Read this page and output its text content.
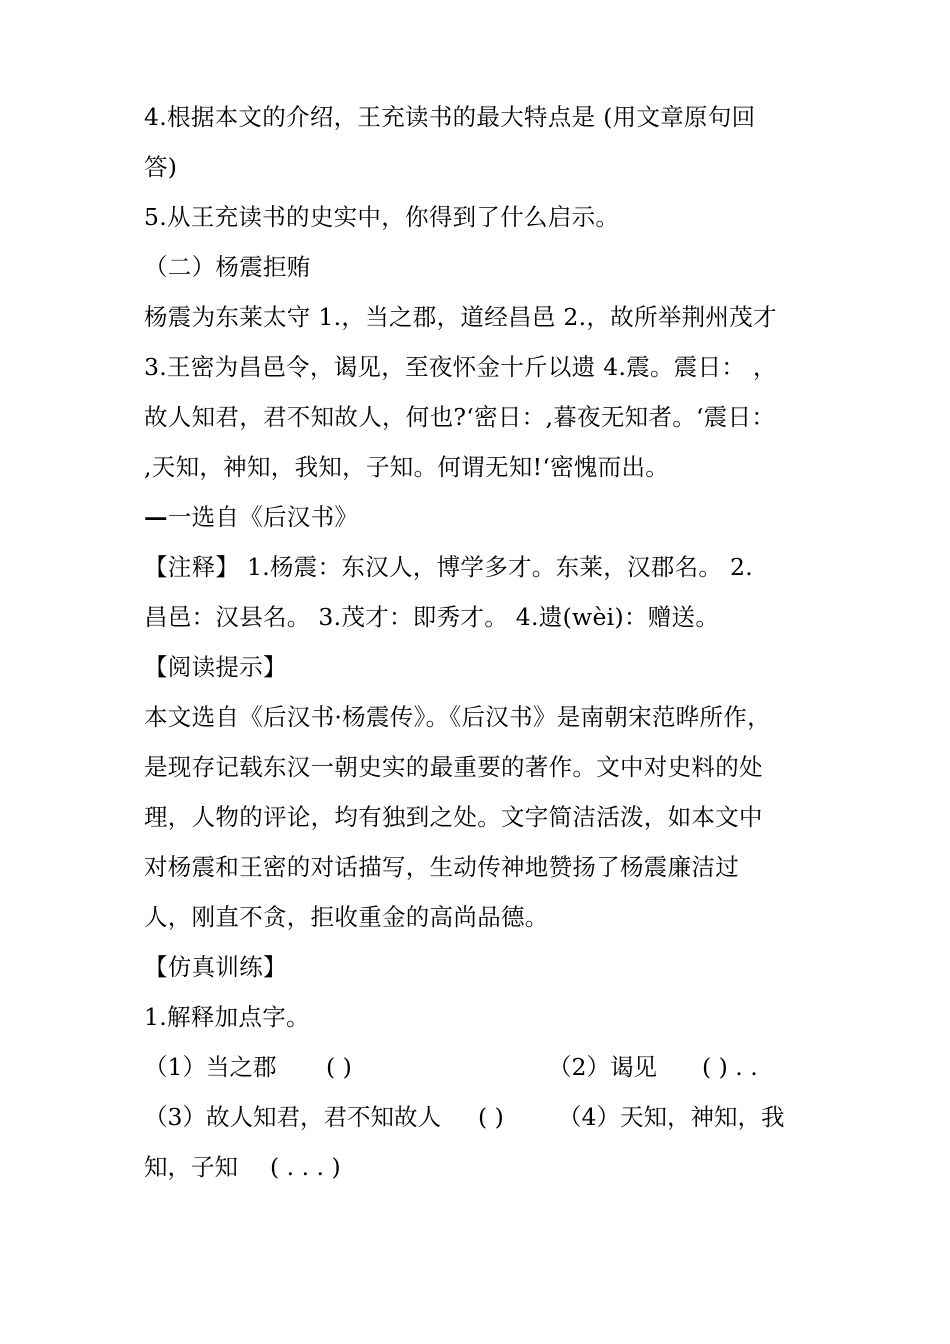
4.根据本文的介绍，王充读书的最大特点是 (用文章原句回
答)
5.从王充读书的史实中，你得到了什么启示。
（二）杨震拒贿
杨震为东莱太守 1.，当之郡，道经昌邑 2.，故所举荆州茂才
3.王密为昌邑令，谒见，至夜怀金十斤以遗 4.震。震日： ，
故人知君，君不知故人，何也?‘密日：,暮夜无知者。‘震日：
,天知，神知，我知，子知。何谓无知!‘密愧而出。
—一选自《后汉书》
【注释】 1.杨震：东汉人，博学多才。东莱，汉郡名。 2.
昌邑：汉县名。 3.茂才：即秀才。 4.遗(wèi)：赠送。
【阅读提示】
本文选自《后汉书·杨震传》。《后汉书》是南朝宋范晔所作，
是现存记载东汉一朝史实的最重要的著作。文中对史料的处
理，人物的评论，均有独到之处。文字简洁活泼，如本文中
对杨震和王密的对话描写，生动传神地赞扬了杨震廉洁过
人，刚直不贪，拒收重金的高尚品德。
【仿真训练】
1.解释加点字。
（1）当之郡 ( )	（2）谒见 ( ) . .
（3）故人知君，君不知故人 ( ) （4）天知，神知，我
知，子知 ( . . . )
